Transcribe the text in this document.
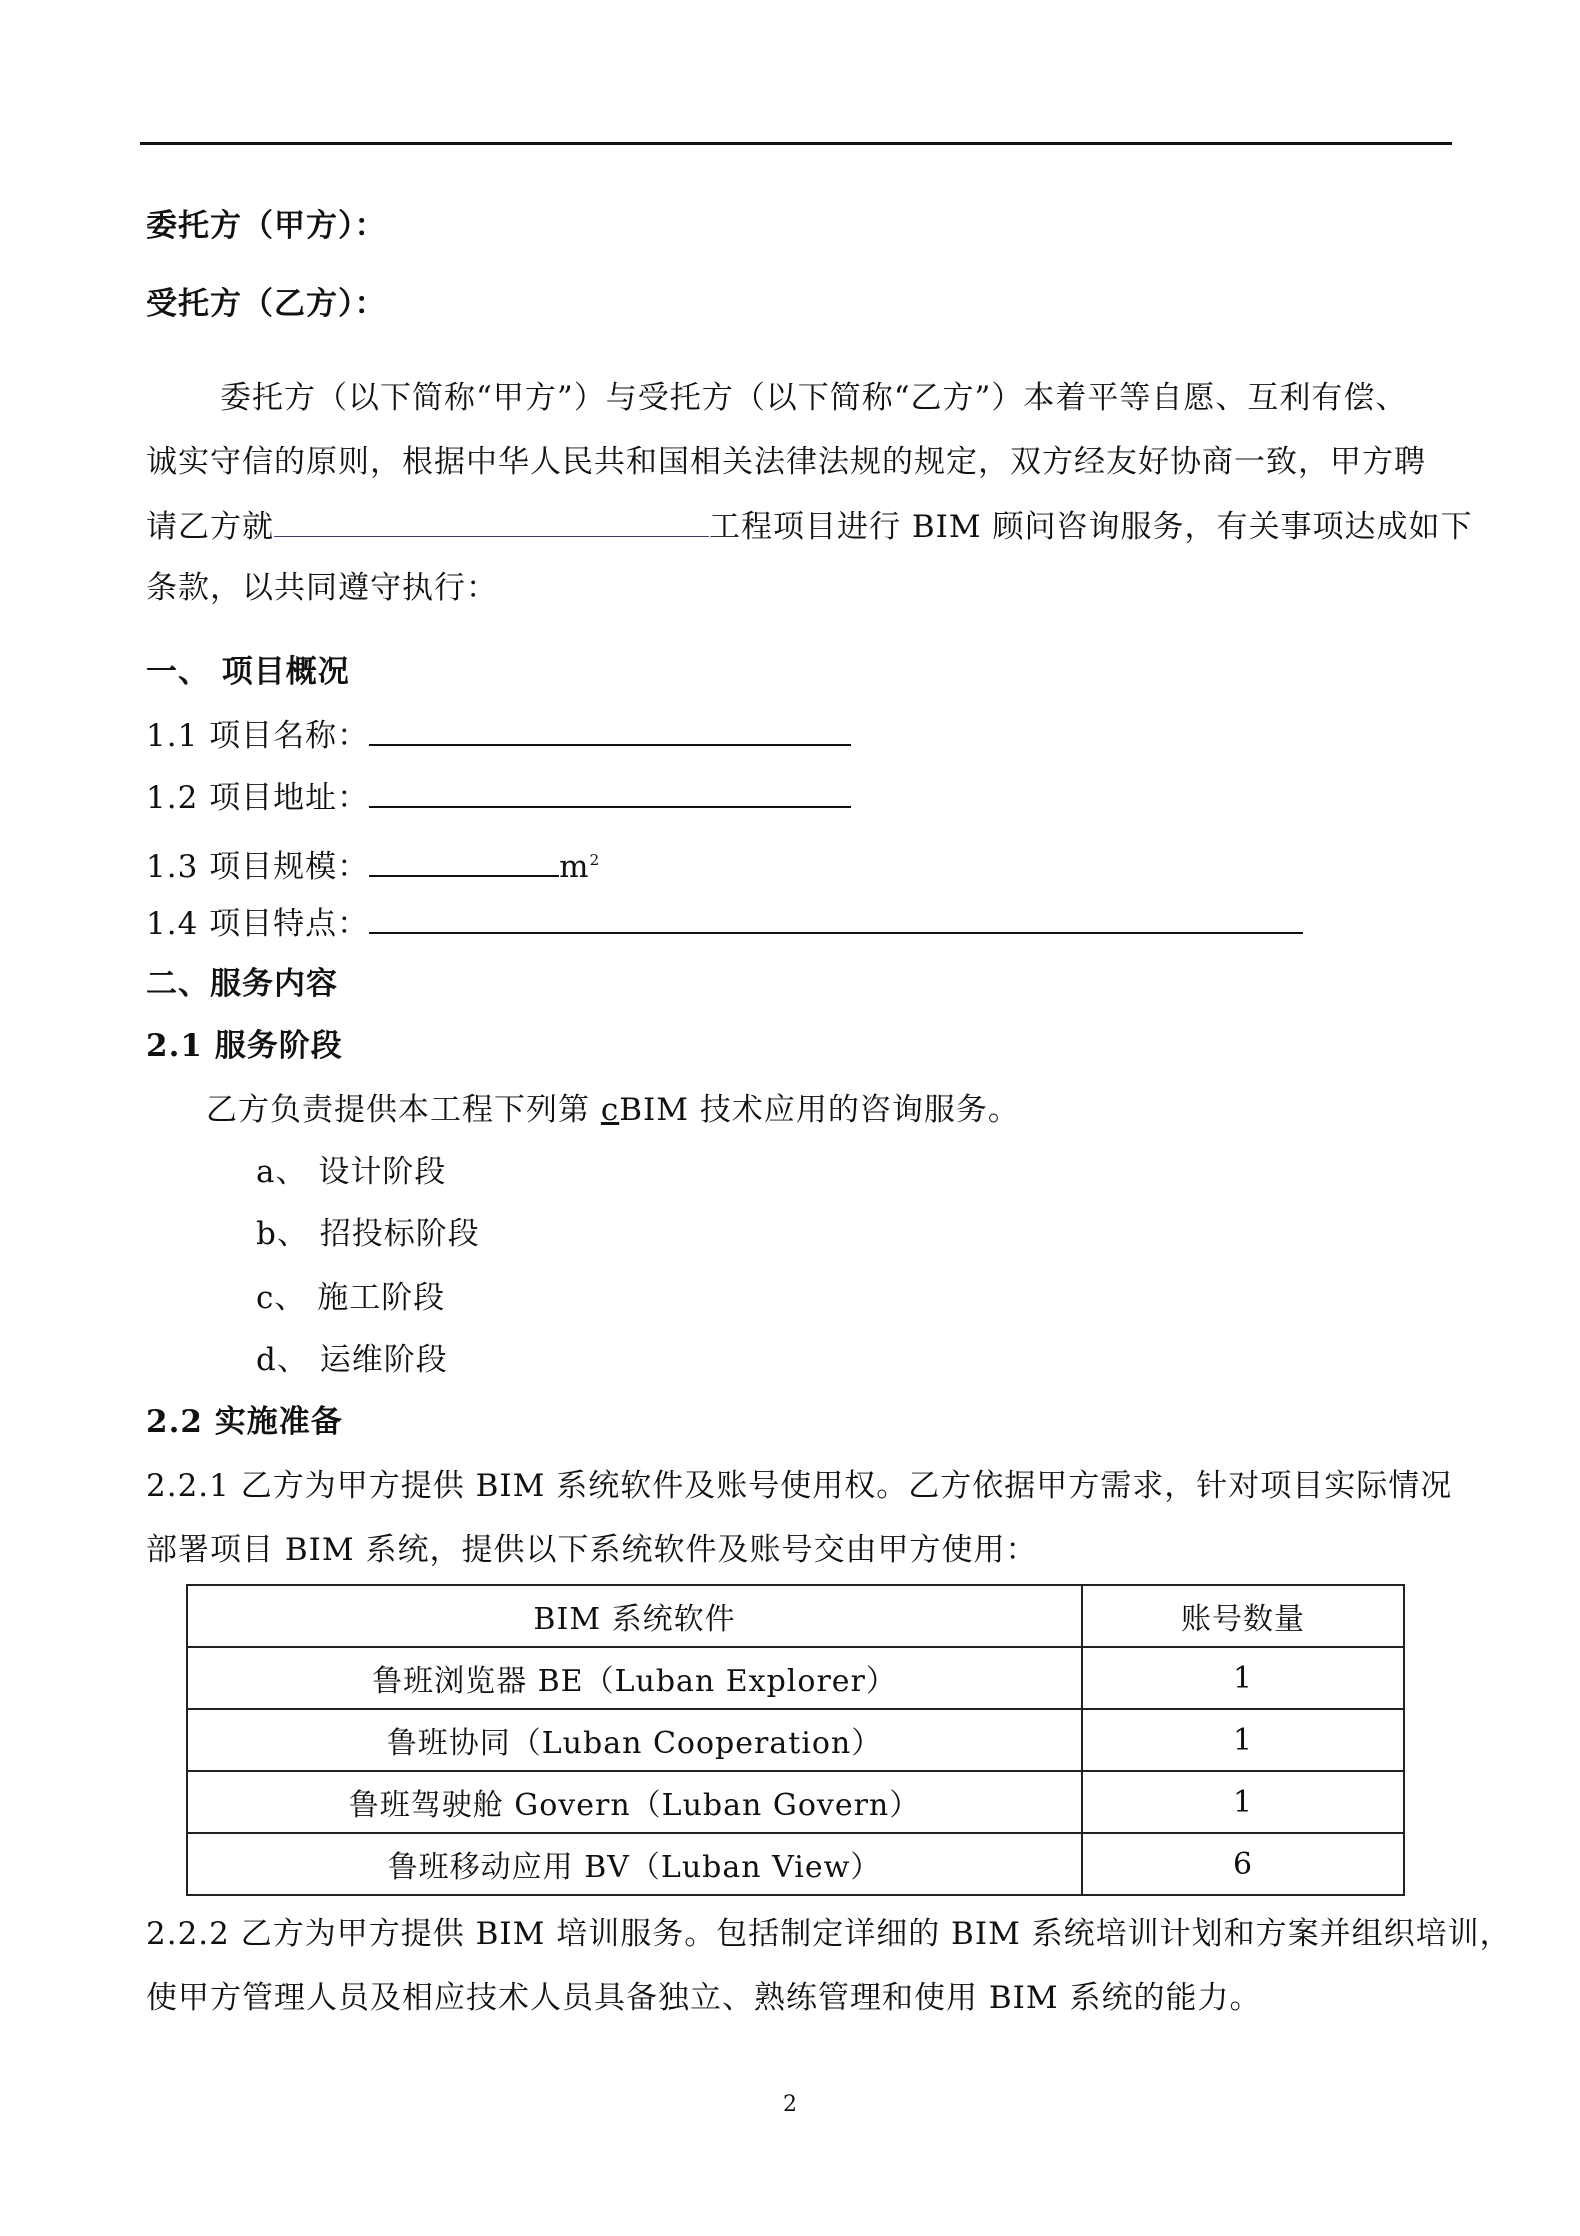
委托方（甲方）：
受托方（乙方）：
委托方（以下简称“甲方”）与受托方（以下简称“乙方”）本着平等自愿、互利有偿、
诚实守信的原则，根据中华人民共和国相关法律法规的规定，双方经友好协商一致，甲方聘
请乙方就	工程项目进行 BIM 顾问咨询服务，有关事项达成如下
条款，以共同遵守执行：
一、 项目概况
1.1 项目名称：
1.2 项目地址：
1.3 项目规模：	$m^2$
1.4 项目特点：
二、服务内容
2.1 服务阶段
乙方负责提供本工程下列第 cBIM 技术应用的咨询服务。
a、 设计阶段
b、 招投标阶段
c、 施工阶段
d、 运维阶段
2.2 实施准备
2.2.1 乙方为甲方提供 BIM 系统软件及账号使用权。乙方依据甲方需求，针对项目实际情况
部署项目 BIM 系统，提供以下系统软件及账号交由甲方使用：
BIM 系统软件	账号数量
鲁班浏览器 BE（Luban Explorer）	1
鲁班协同（Luban Cooperation）	1
鲁班驾驶舱 Govern（Luban Govern）	1
鲁班移动应用 BV（Luban View）	6
2.2.2 乙方为甲方提供 BIM 培训服务。包括制定详细的 BIM 系统培训计划和方案并组织培训，
使甲方管理人员及相应技术人员具备独立、熟练管理和使用 BIM 系统的能力。
2
